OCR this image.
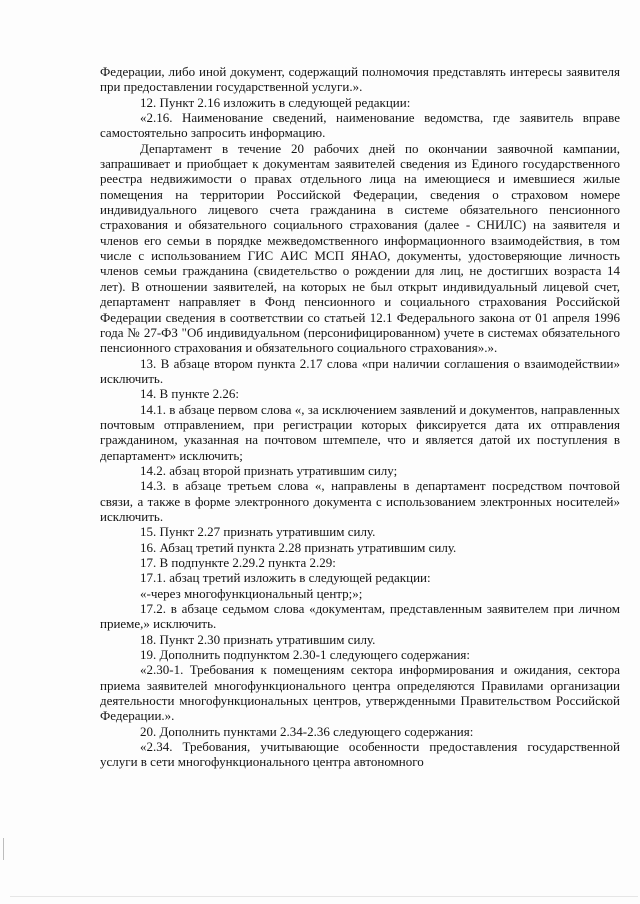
Федерации, либо иной документ, содержащий полномочия представлять интересы заявителя при предоставлении государственной услуги.».

12. Пункт 2.16 изложить в следующей редакции:

«2.16. Наименование сведений, наименование ведомства, где заявитель вправе самостоятельно запросить информацию.

Департамент в течение 20 рабочих дней по окончании заявочной кампании, запрашивает и приобщает к документам заявителей сведения из Единого государственного реестра недвижимости о правах отдельного лица на имеющиеся и имевшиеся жилые помещения на территории Российской Федерации, сведения о страховом номере индивидуального лицевого счета гражданина в системе обязательного пенсионного страхования и обязательного социального страхования (далее - СНИЛС) на заявителя и членов его семьи в порядке межведомственного информационного взаимодействия, в том числе с использованием ГИС АИС МСП ЯНАО, документы, удостоверяющие личность членов семьи гражданина (свидетельство о рождении для лиц, не достигших возраста 14 лет). В отношении заявителей, на которых не был открыт индивидуальный лицевой счет, департамент направляет в Фонд пенсионного и социального страхования Российской Федерации сведения в соответствии со статьей 12.1 Федерального закона от 01 апреля 1996 года № 27-ФЗ "Об индивидуальном (персонифицированном) учете в системах обязательного пенсионного страхования и обязательного социального страхования».».

13. В абзаце втором пункта 2.17 слова «при наличии соглашения о взаимодействии» исключить.

14. В пункте 2.26:

14.1. в абзаце первом слова «, за исключением заявлений и документов, направленных почтовым отправлением, при регистрации которых фиксируется дата их отправления гражданином, указанная на почтовом штемпеле, что и является датой их поступления в департамент» исключить;

14.2. абзац второй признать утратившим силу;

14.3. в абзаце третьем слова «, направлены в департамент посредством почтовой связи, а также в форме электронного документа с использованием электронных носителей» исключить.

15. Пункт 2.27 признать утратившим силу.

16. Абзац третий пункта 2.28 признать утратившим силу.

17. В подпункте 2.29.2 пункта 2.29:

17.1. абзац третий изложить в следующей редакции:

«-через многофункциональный центр;»;

17.2. в абзаце седьмом слова «документам, представленным заявителем при личном приеме,» исключить.

18. Пункт 2.30 признать утратившим силу.

19. Дополнить подпунктом 2.30-1 следующего содержания:

«2.30-1. Требования к помещениям сектора информирования и ожидания, сектора приема заявителей многофункционального центра определяются Правилами организации деятельности многофункциональных центров, утвержденными Правительством Российской Федерации.».

20. Дополнить пунктами 2.34-2.36 следующего содержания:

«2.34. Требования, учитывающие особенности предоставления государственной услуги в сети многофункционального центра автономного
